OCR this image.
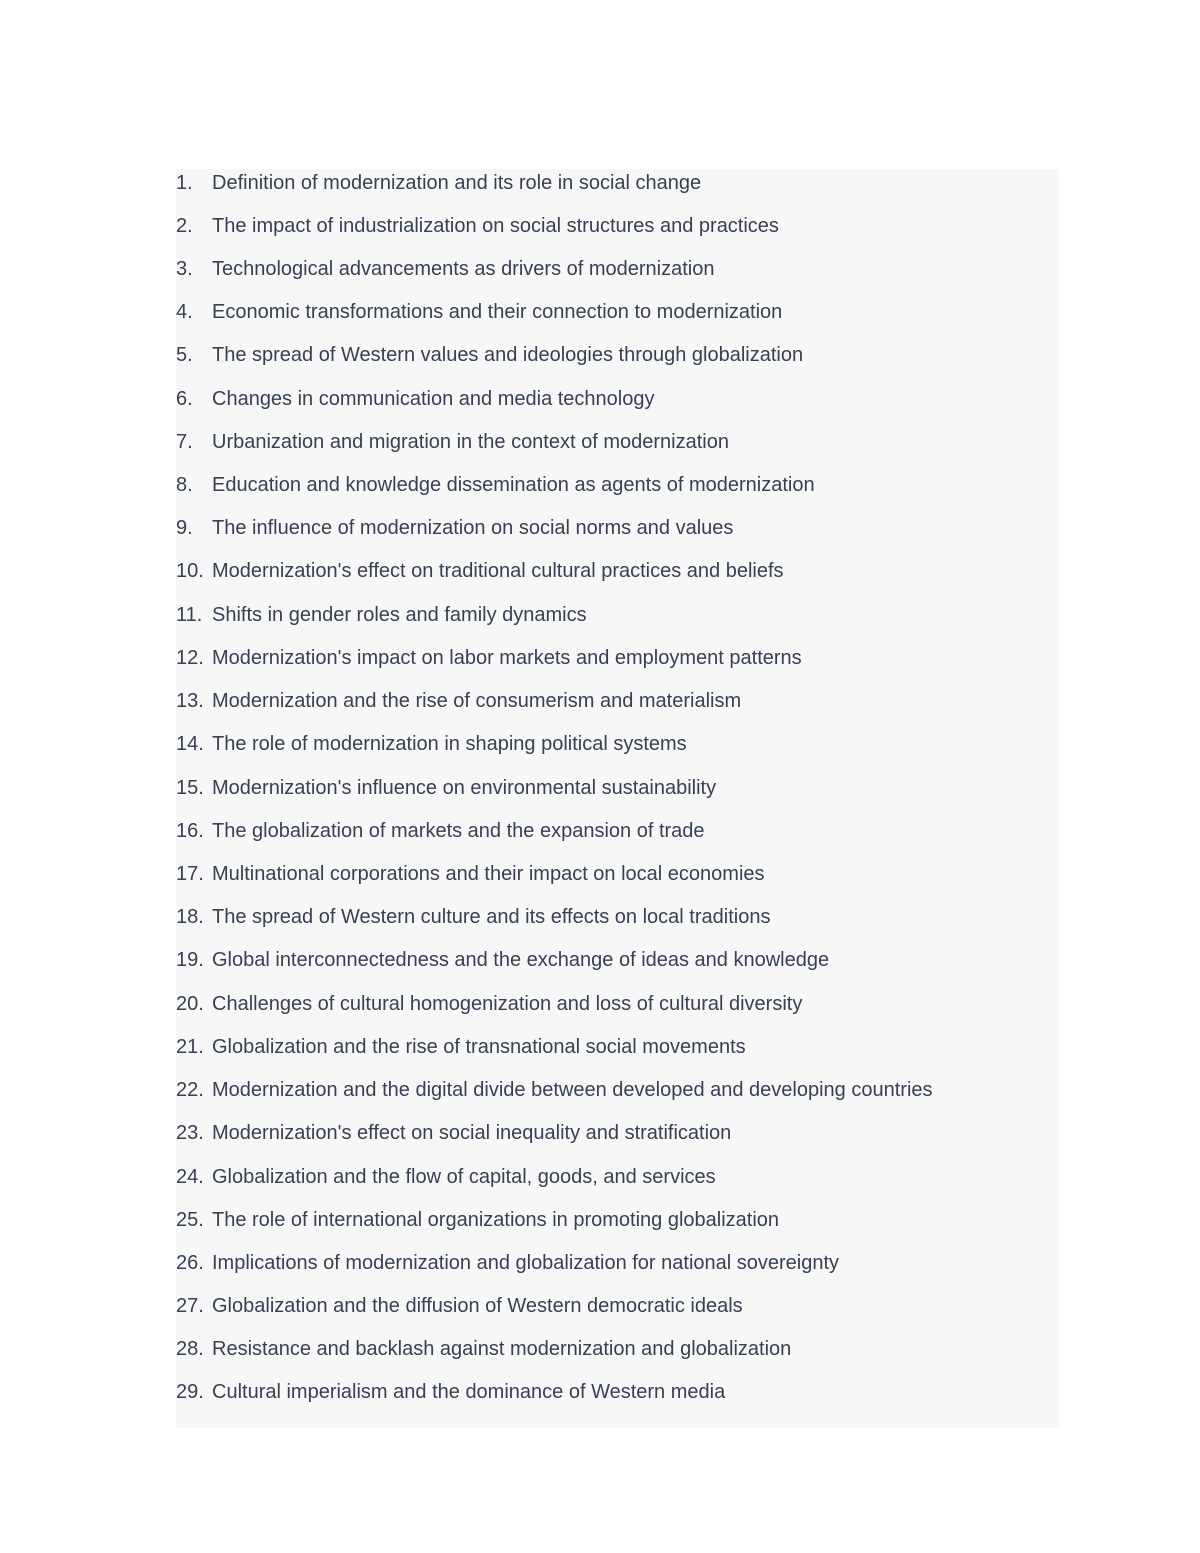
1. Definition of modernization and its role in social change
2. The impact of industrialization on social structures and practices
3. Technological advancements as drivers of modernization
4. Economic transformations and their connection to modernization
5. The spread of Western values and ideologies through globalization
6. Changes in communication and media technology
7. Urbanization and migration in the context of modernization
8. Education and knowledge dissemination as agents of modernization
9. The influence of modernization on social norms and values
10. Modernization's effect on traditional cultural practices and beliefs
11. Shifts in gender roles and family dynamics
12. Modernization's impact on labor markets and employment patterns
13. Modernization and the rise of consumerism and materialism
14. The role of modernization in shaping political systems
15. Modernization's influence on environmental sustainability
16. The globalization of markets and the expansion of trade
17. Multinational corporations and their impact on local economies
18. The spread of Western culture and its effects on local traditions
19. Global interconnectedness and the exchange of ideas and knowledge
20. Challenges of cultural homogenization and loss of cultural diversity
21. Globalization and the rise of transnational social movements
22. Modernization and the digital divide between developed and developing countries
23. Modernization's effect on social inequality and stratification
24. Globalization and the flow of capital, goods, and services
25. The role of international organizations in promoting globalization
26. Implications of modernization and globalization for national sovereignty
27. Globalization and the diffusion of Western democratic ideals
28. Resistance and backlash against modernization and globalization
29. Cultural imperialism and the dominance of Western media
